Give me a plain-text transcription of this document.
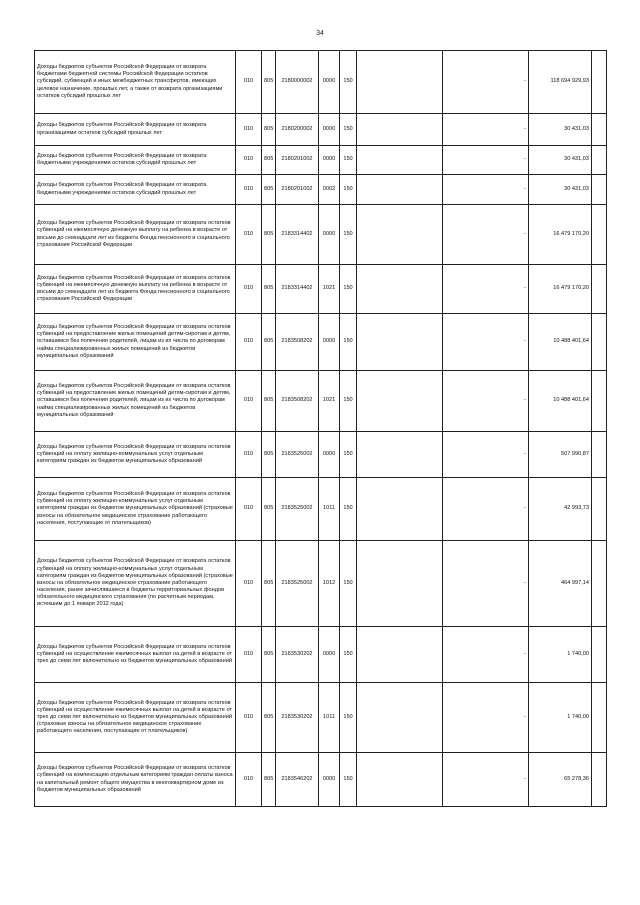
34
Доходы бюджетов субъектов Российской Федерации от возврата бюджетами бюджетной системы Российской Федерации остатков субсидий, субвенций и иных межбюджетных трансфертов, имеющих целевое назначение, прошлых лет, а также от возврата организациями остатков субсидий прошлых лет	010	805	2180000002	0000	150		-	118 694 929,93	
Доходы бюджетов субъектов Российской Федерации от возврата организациями остатков субсидий прошлых лет	010	805	2180200002	0000	150		-	30 431,03	
Доходы бюджетов субъектов Российской Федерации от возврата бюджетными учреждениями остатков субсидий прошлых лет	010	805	2180201002	0000	150		-	30 431,03	
Доходы бюджетов субъектов Российской Федерации от возврата бюджетными учреждениями остатков субсидий прошлых лет	010	805	2180201002	0002	150		-	30 431,03	
Доходы бюджетов субъектов Российской Федерации от возврата остатков субвенций на ежемесячную денежную выплату на ребенка в возрасте от восьми до семнадцати лет из бюджета Фонда пенсионного и социального страхования Российской Федерации	010	805	2183314402	0000	150		-	16 479 170,20	
Доходы бюджетов субъектов Российской Федерации от возврата остатков субвенций на ежемесячную денежную выплату на ребенка в возрасте от восьми до семнадцати лет из бюджета Фонда пенсионного и социального страхования Российской Федерации	010	805	2183314402	1021	150		-	16 479 170,20	
Доходы бюджетов субъектов Российской Федерации от возврата остатков субвенций на предоставление жилых помещений детям-сиротам и детям, оставшимся без попечения родителей, лицам из их числа по договорам найма специализированных жилых помещений из бюджетов муниципальных образований	010	805	2183508202	0000	150		-	10 488 401,64	
Доходы бюджетов субъектов Российской Федерации от возврата остатков субвенций на предоставление жилых помещений детям-сиротам и детям, оставшимся без попечения родителей, лицам из их числа по договорам найма специализированных жилых помещений из бюджетов муниципальных образований	010	805	2183508202	1021	150		-	10 488 401,64	
Доходы бюджетов субъектов Российской Федерации от возврата остатков субвенций на оплату жилищно-коммунальных услуг отдельным категориям граждан из бюджетов муниципальных образований	010	805	2183525002	0000	150		-	507 990,87	
Доходы бюджетов субъектов Российской Федерации от возврата остатков субвенций на оплату жилищно-коммунальных услуг отдельным категориям граждан из бюджетов муниципальных образований (страховые взносы на обязательное медицинское страхование работающего населения, поступающие от плательщиков)	010	805	2183525002	1011	150		-	42 993,73	
Доходы бюджетов субъектов Российской Федерации от возврата остатков субвенций на оплату жилищно-коммунальных услуг отдельным категориям граждан из бюджетов муниципальных образований (страховые взносы на обязательное медицинское страхование работающего населения, ранее зачислявшиеся в бюджеты территориальных фондов обязательного медицинского страхования (по расчетным периодам, истекшим до 1 января 2012 года)	010	805	2183525002	1012	150		-	464 997,14	
Доходы бюджетов субъектов Российской Федерации от возврата остатков субвенций на осуществление ежемесячных выплат на детей в возрасте от трех до семи лет включительно из бюджетов муниципальных образований	010	805	2183530202	0000	150		-	1 740,00	
Доходы бюджетов субъектов Российской Федерации от возврата остатков субвенций на осуществление ежемесячных выплат на детей в возрасте от трех до семи лет включительно из бюджетов муниципальных образований (страховые взносы на обязательное медицинское страхование работающего населения, поступающие от плательщиков)	010	805	2183530202	1011	150		-	1 740,00	
Доходы бюджетов субъектов Российской Федерации от возврата остатков субвенций на компенсацию отдельным категориям граждан оплаты взноса на капитальный ремонт общего имущества в многоквартирном доме из бюджетов муниципальных образований	010	805	2183546202	0000	150		-	65 278,36	
